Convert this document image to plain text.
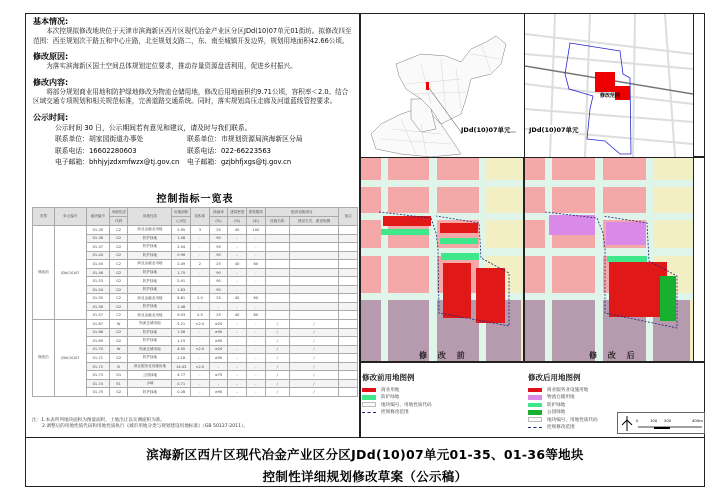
基本情况:
本次控规拟修改地块位于天津市滨海新区西片区现代冶金产业区分区JDd(10)07单元01街坊。拟修改四至范围：西至规划次干路五和中心庄路，北至规划支路二，东、南至城镇开发边界，规划用地面积42.66公顷。
修改原因:
为落实滨海新区国土空间总体规划定位要求，推动存量资源盘活利用，促进乡村振兴。
修改内容:
将部分规划商业用地和防护绿地修改为物流仓储用地，修改后用地面积约9.71公顷，容积率＜2.0。结合区域交通专项规划和相关规范标准，完善道路交通系统。同时，落实规划高压走廊及河道蓝线管控要求。
公示时间:
公示时间 30 日，公示期间若有意见和建议，请及时与我们联系。
联系单位：胡家园街道办事处	联系单位：市规划资源局滨海新区分局
联系电话：16602280603	联系电话：022-66223563
电子邮箱：bhhjyjzdxmfwzx@tj.gov.cn	电子邮箱：gzjbhfjxgs@tj.gov.cn
控制指标一览表
类型	单元编号	地块编号	用地性质	用地性质	用地面积	容积率	绿地率	建筑密度	建筑限高	配套设施项目		备注
			代码		(公顷)		(%)	(%)	(米)	设施名称	建设方式、建设规模	
修改前	JDd(10)07	01-35	C2	商业金融业用地	2.95	3	25	40	100			
		01-36	G2	防护绿地	1.08	-	90	-	-			
		01-37	G2	防护绿地	2.04	-	90	-	-			
		01-44	G2	防护绿地	0.96	-	90	-	-			
		01-45	C2	商业金融业用地	2.49	2	25	40	60			
		01-46	G2	防护绿地	1.75	-	90	-	-			
		01-53	G2	防护绿地	2.91	-	90	-	-			
		01-54	G2	防护绿地	1.63	-	90	-	-			
		01-55	C2	商业金融业用地	8.61	2.0	25	40	60			
		01-56	G2	防护绿地	1.48	-	-	-	-			
		01-57	C2	商业金融业用地	9.03	2.0	25	40	60			
修改后	JDd(10)07	01-67	W	物流仓储用地	5.21	<2.0	≥20	-	-	/	/	
		01-68	G2	防护绿地	1.58	-	≥90	-	-	/	/	
		01-69	G2	防护绿地	1.19	-	≥90	-	-	/	/	
		01-70	W	物流仓储用地	4.50	<2.0	≥20	-	-	/	/	
		01-71	G2	防护绿地	2.18	-	≥90	-	-	/	/	
		01-72	B	商业服务业设施用地	14.43	<2.0	-	-	-	/	/	
		01-73	G1	公园绿地	4.77	-	≥75	-	-	/	/	
		01-74	E1	水域	0.71	-	-	-	-	/	/	
		01-75	G2	防护绿地	0.28	-	≥90	-	-	/	/	
注：1.本表所列地块面积为图量面积，土地出让以实测面积为准。
2.调整后的用地性质代码和用地性质执行《城市用地分类与规划建设用地标准》（GB 50137-2011）。
JDd(10)07单元
修改范围
JDd(10)07单元
修 改 前	修 改 后
修改前用地图例
商业用地
防护绿地
地块编号、用地性质代码
控规修改范围
修改后用地图例
商业服务业设施用地
物流仓储用地
防护绿地
公园绿地
地块编号、用地性质代码
控规修改范围
0	100 200	400m
滨海新区西片区现代冶金产业区分区JDd(10)07单元01-35、01-36等地块
控制性详细规划修改草案（公示稿）
